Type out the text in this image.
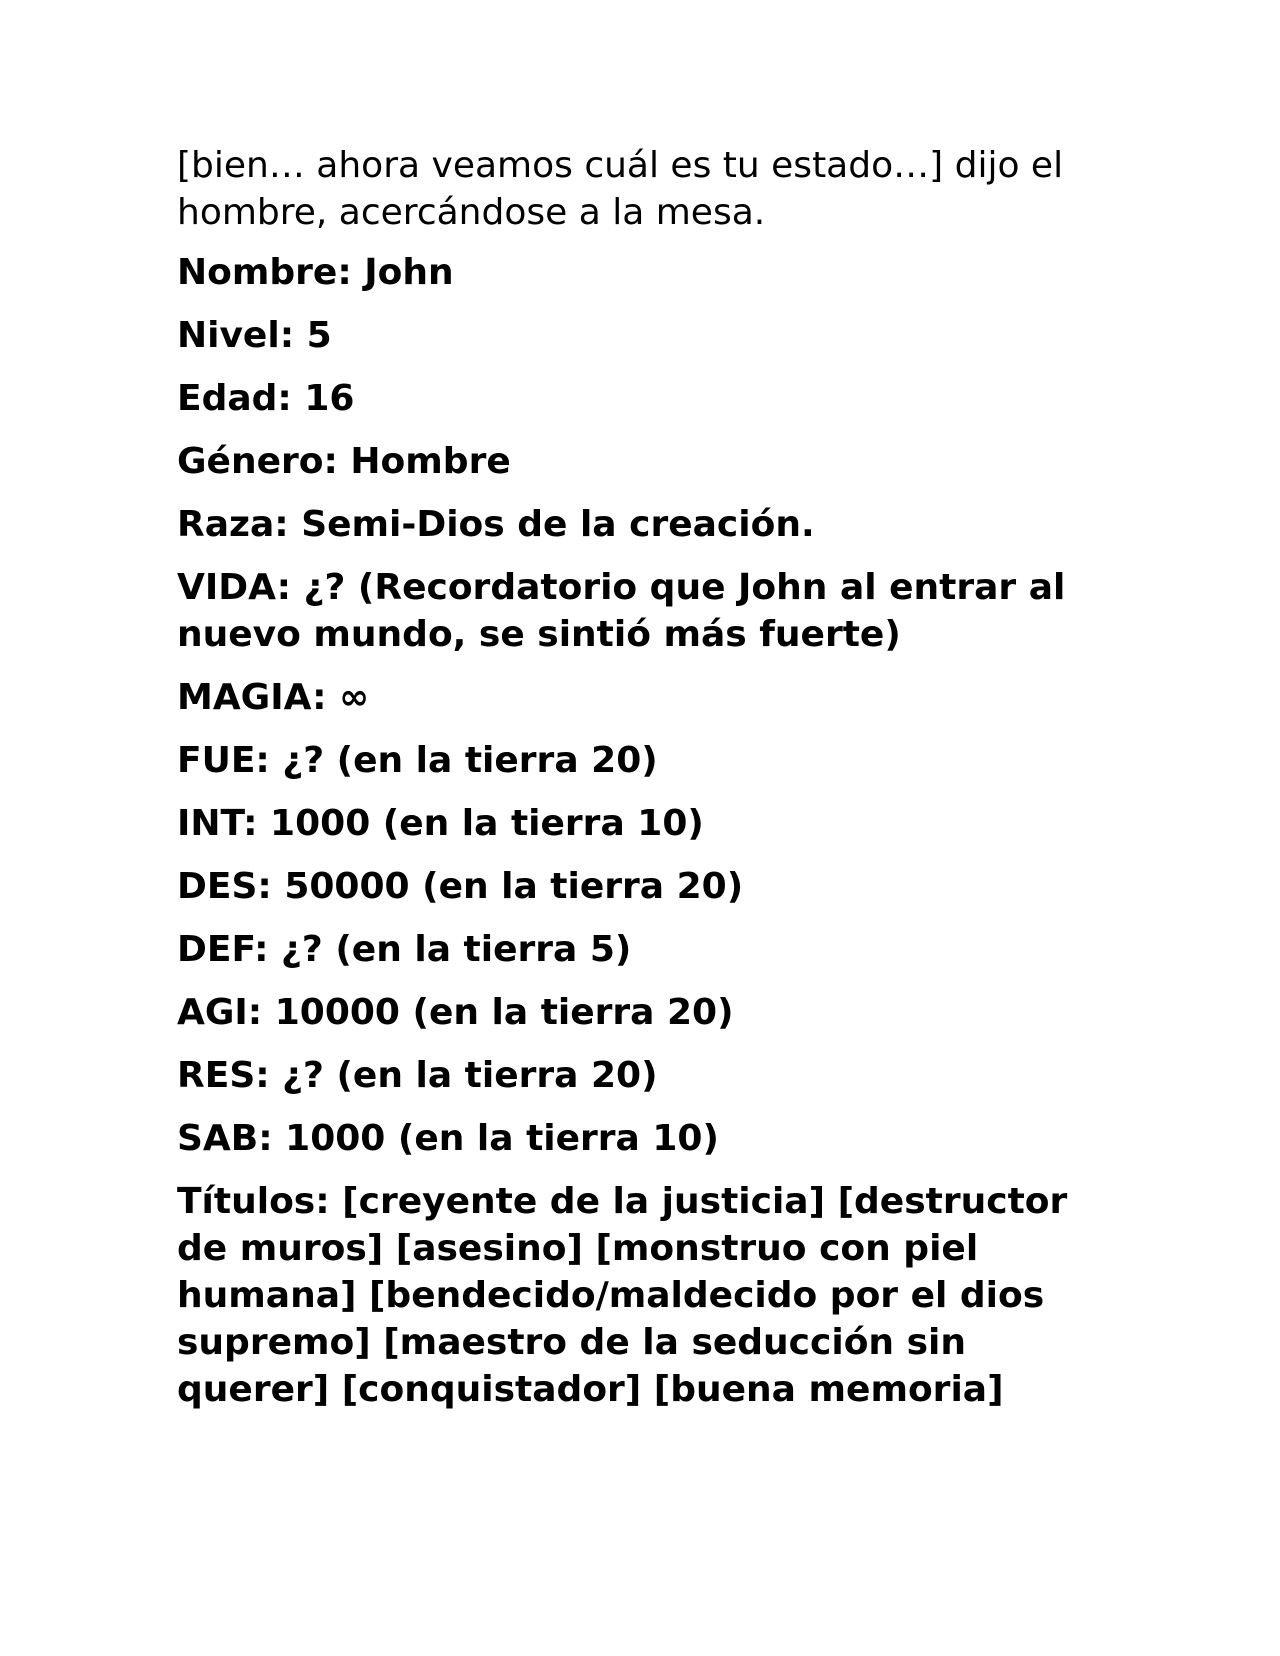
[bien… ahora veamos cuál es tu estado…] dijo el hombre, acercándose a la mesa.

Nombre: John

Nivel: 5

Edad: 16

Género: Hombre

Raza: Semi-Dios de la creación.

VIDA: ¿? (Recordatorio que John al entrar al nuevo mundo, se sintió más fuerte)

MAGIA: ∞

FUE: ¿? (en la tierra 20)

INT: 1000 (en la tierra 10)

DES: 50000 (en la tierra 20)

DEF: ¿? (en la tierra 5)

AGI: 10000 (en la tierra 20)

RES: ¿? (en la tierra 20)

SAB: 1000 (en la tierra 10)

Títulos: [creyente de la justicia] [destructor de muros] [asesino] [monstruo con piel humana] [bendecido/maldecido por el dios supremo] [maestro de la seducción sin querer] [conquistador] [buena memoria]
